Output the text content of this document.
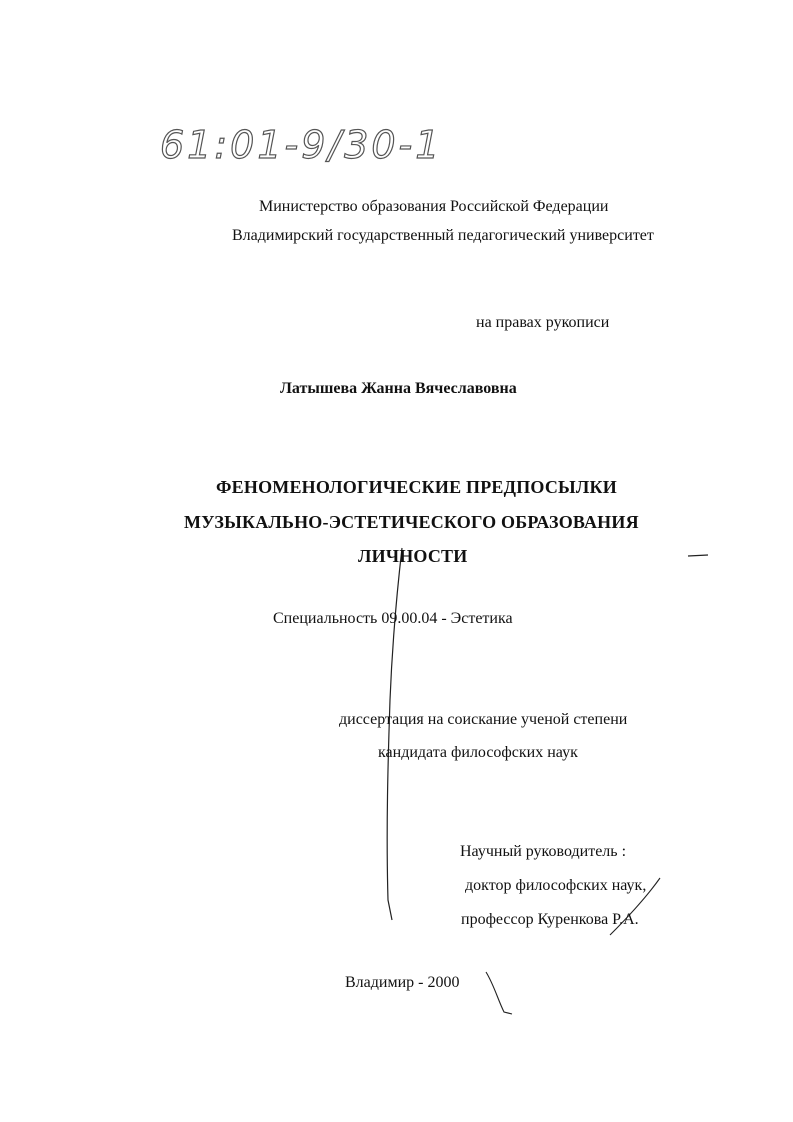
61:01-9/30-1
Министерство образования Российской Федерации
Владимирский государственный педагогический университет
на правах рукописи
Латышева Жанна Вячеславовна
ФЕНОМЕНОЛОГИЧЕСКИЕ ПРЕДПОСЫЛКИ
МУЗЫКАЛЬНО-ЭСТЕТИЧЕСКОГО ОБРАЗОВАНИЯ
ЛИЧНОСТИ
Специальность 09.00.04 - Эстетика
диссертация на соискание ученой степени
кандидата философских наук
Научный руководитель :
доктор философских наук,
профессор Куренкова Р.А.
Владимир - 2000
